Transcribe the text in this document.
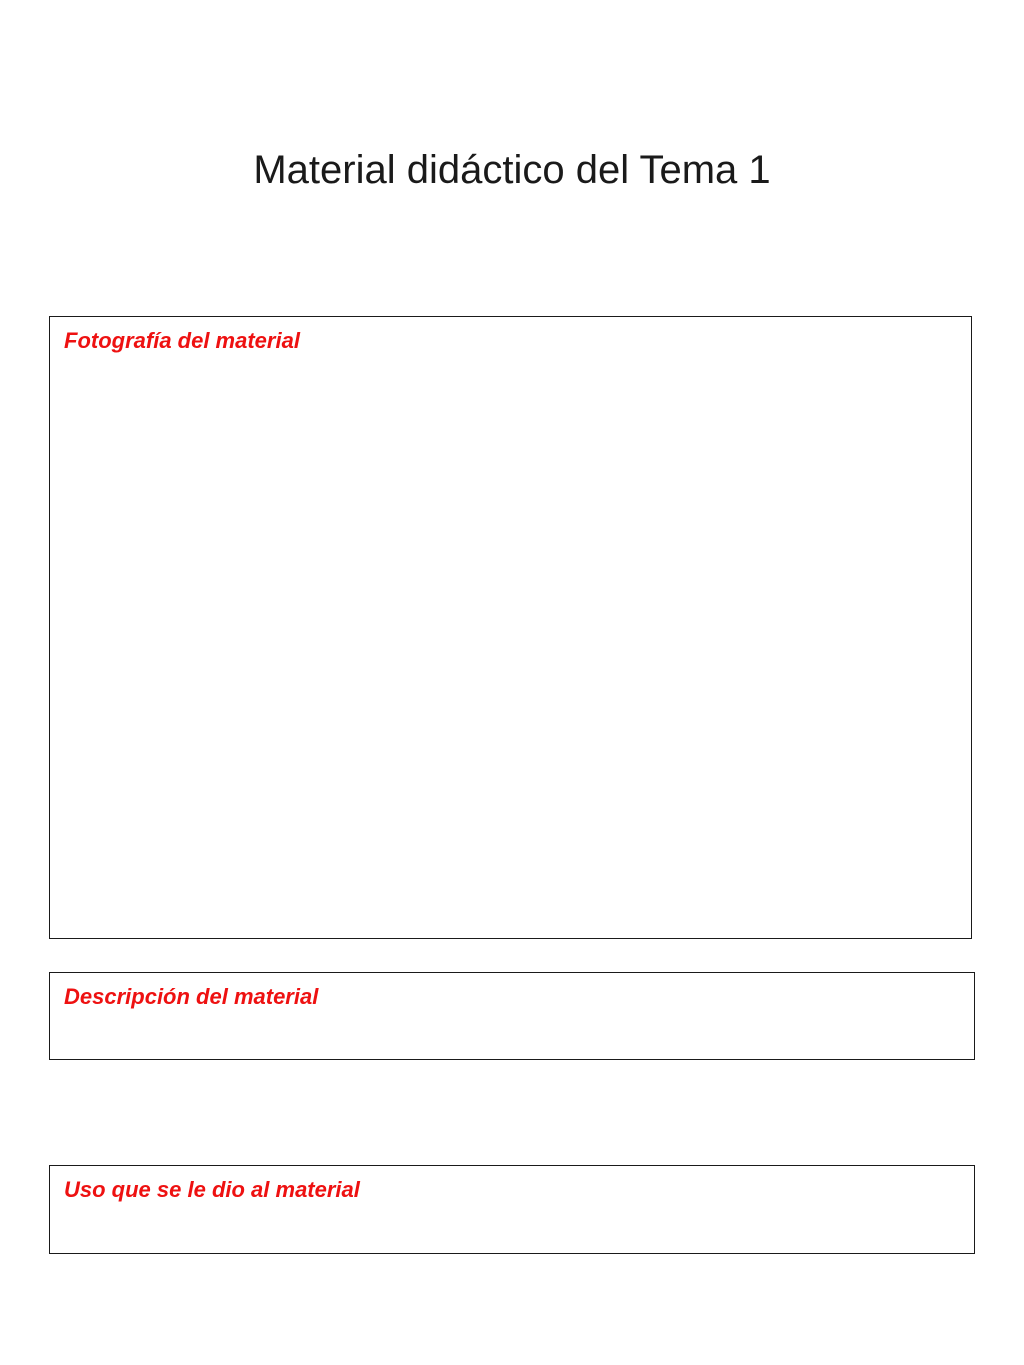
Material didáctico del Tema 1
Fotografía del material
Descripción del material
Uso que se le dio al material
